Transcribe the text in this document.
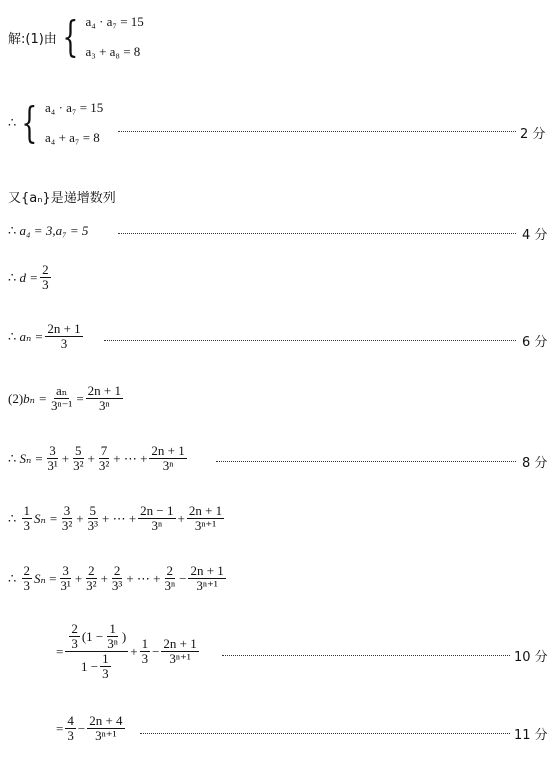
解:(1)由 { a₄ · a₇ = 15
a₃ + a₈ = 8
∴ { a₄ · a₇ = 15
a₄ + a₇ = 8	2 分
又{aₙ}是递增数列
∴
a₄ = 3,a₇ = 5	4 分
∴
$d = \frac{2}{3}$
∴
$a_n = \frac{2n + 1}{3}$	6 分
(2) $b_n = \frac{\text{aₙ}}{\text{3ⁿ⁻¹}} = \frac{2n + 1}{\text{3ⁿ}}$
∴
$S_n = \frac{3}{\text{3¹}} + \frac{5}{\text{3²}} + \frac{7}{\text{3²}}$ + ⋯ + $\frac{2n + 1}{\text{3ⁿ}}$	8 分
∴
$\frac{1}{3}$ $S_n = \frac{3}{\text{3²}} + \frac{5}{\text{3³}}$ + ⋯ + $\frac{2n - 1}{\text{3ⁿ}} + \frac{2n + 1}{\text{3ⁿ⁺¹}}$
∴
$\frac{2}{3}$ Sₙ
= $\frac{3}{\text{3¹}} + \frac{2}{\text{3²}} + \frac{2}{\text{3³}}$ + ⋯ + $\frac{2}{\text{3ⁿ}} - \frac{2n + 1}{\text{3ⁿ⁺¹}}$
= $\frac{\frac{2}{3} (1 - \frac{1}{\text{3ⁿ}} )}{1 - \frac{1}{3}} + \frac{1}{3} - \frac{2n + 1}{\text{3ⁿ⁺¹}}$	10 分
= $\frac{4}{3} - \frac{2n + 4}{\text{3ⁿ⁺¹}}$	11 分
